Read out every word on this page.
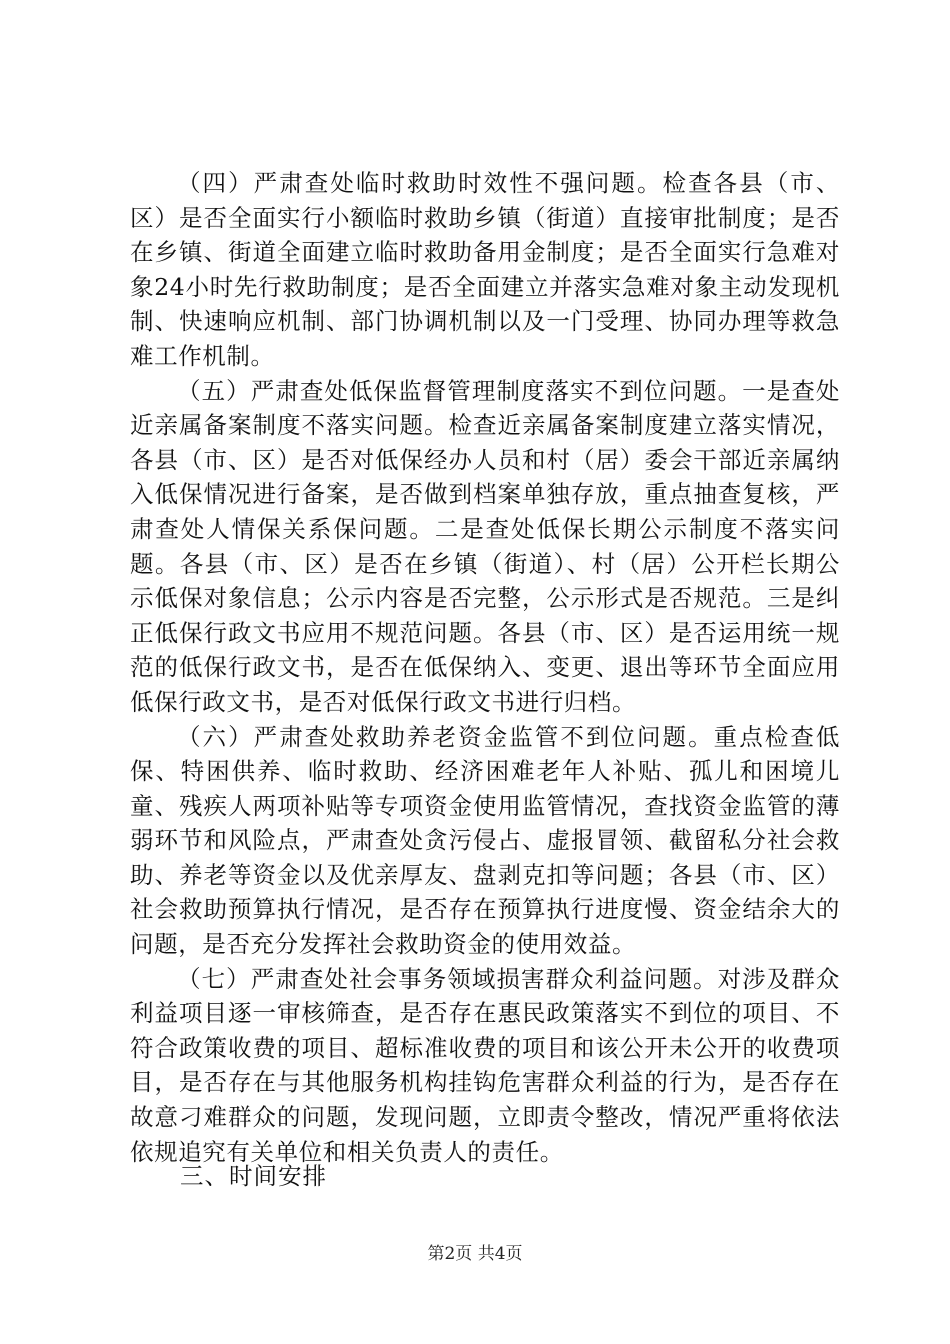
（四）严肃查处临时救助时效性不强问题。检查各县（市、区）是否全面实行小额临时救助乡镇（街道）直接审批制度；是否在乡镇、街道全面建立临时救助备用金制度；是否全面实行急难对象24小时先行救助制度；是否全面建立并落实急难对象主动发现机制、快速响应机制、部门协调机制以及一门受理、协同办理等救急难工作机制。

（五）严肃查处低保监督管理制度落实不到位问题。一是查处近亲属备案制度不落实问题。检查近亲属备案制度建立落实情况，各县（市、区）是否对低保经办人员和村（居）委会干部近亲属纳入低保情况进行备案，是否做到档案单独存放，重点抽查复核，严肃查处人情保关系保问题。二是查处低保长期公示制度不落实问题。各县（市、区）是否在乡镇（街道）、村（居）公开栏长期公示低保对象信息；公示内容是否完整，公示形式是否规范。三是纠正低保行政文书应用不规范问题。各县（市、区）是否运用统一规范的低保行政文书，是否在低保纳入、变更、退出等环节全面应用低保行政文书，是否对低保行政文书进行归档。

（六）严肃查处救助养老资金监管不到位问题。重点检查低保、特困供养、临时救助、经济困难老年人补贴、孤儿和困境儿童、残疾人两项补贴等专项资金使用监管情况，查找资金监管的薄弱环节和风险点，严肃查处贪污侵占、虚报冒领、截留私分社会救助、养老等资金以及优亲厚友、盘剥克扣等问题；各县（市、区）社会救助预算执行情况，是否存在预算执行进度慢、资金结余大的问题，是否充分发挥社会救助资金的使用效益。

（七）严肃查处社会事务领域损害群众利益问题。对涉及群众利益项目逐一审核筛查，是否存在惠民政策落实不到位的项目、不符合政策收费的项目、超标准收费的项目和该公开未公开的收费项目，是否存在与其他服务机构挂钩危害群众利益的行为，是否存在故意刁难群众的问题，发现问题，立即责令整改，情况严重将依法依规追究有关单位和相关负责人的责任。

三、时间安排

第2页 共4页
